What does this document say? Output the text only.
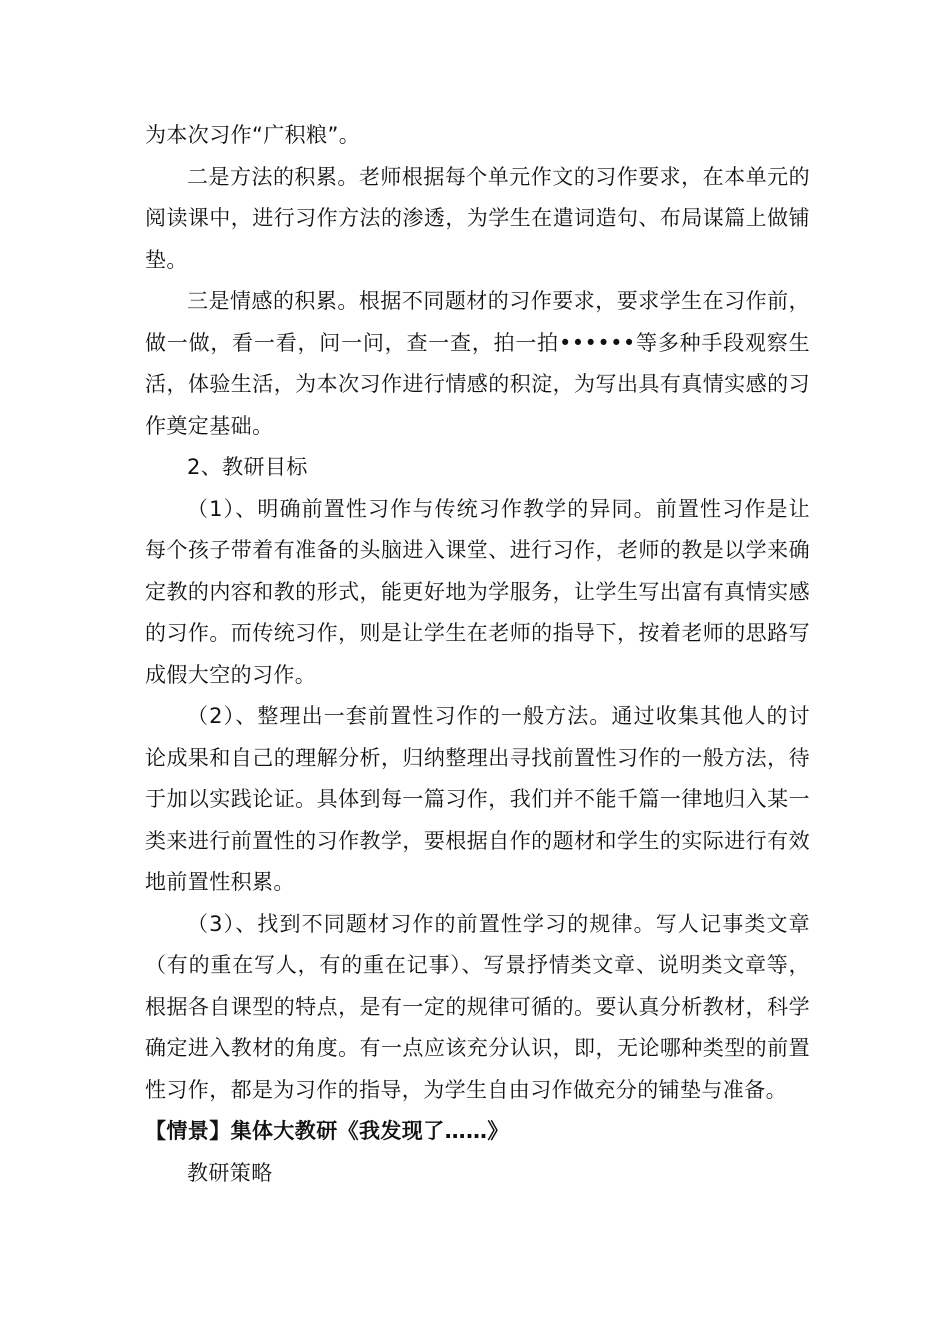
为本次习作“广积粮”。

二是方法的积累。老师根据每个单元作文的习作要求，在本单元的阅读课中，进行习作方法的渗透，为学生在遣词造句、布局谋篇上做铺垫。

三是情感的积累。根据不同题材的习作要求，要求学生在习作前，做一做，看一看，问一问，查一查，拍一拍••••••等多种手段观察生活，体验生活，为本次习作进行情感的积淀，为写出具有真情实感的习作奠定基础。

2、教研目标

（1）、明确前置性习作与传统习作教学的异同。前置性习作是让每个孩子带着有准备的头脑进入课堂、进行习作，老师的教是以学来确定教的内容和教的形式，能更好地为学服务，让学生写出富有真情实感的习作。而传统习作，则是让学生在老师的指导下，按着老师的思路写成假大空的习作。

（2）、整理出一套前置性习作的一般方法。通过收集其他人的讨论成果和自己的理解分析，归纳整理出寻找前置性习作的一般方法，待于加以实践论证。具体到每一篇习作，我们并不能千篇一律地归入某一类来进行前置性的习作教学，要根据自作的题材和学生的实际进行有效地前置性积累。

（3）、找到不同题材习作的前置性学习的规律。写人记事类文章（有的重在写人，有的重在记事）、写景抒情类文章、说明类文章等，根据各自课型的特点，是有一定的规律可循的。要认真分析教材，科学确定进入教材的角度。有一点应该充分认识，即，无论哪种类型的前置性习作，都是为习作的指导，为学生自由习作做充分的铺垫与准备。

【情景】集体大教研《我发现了……》

教研策略
